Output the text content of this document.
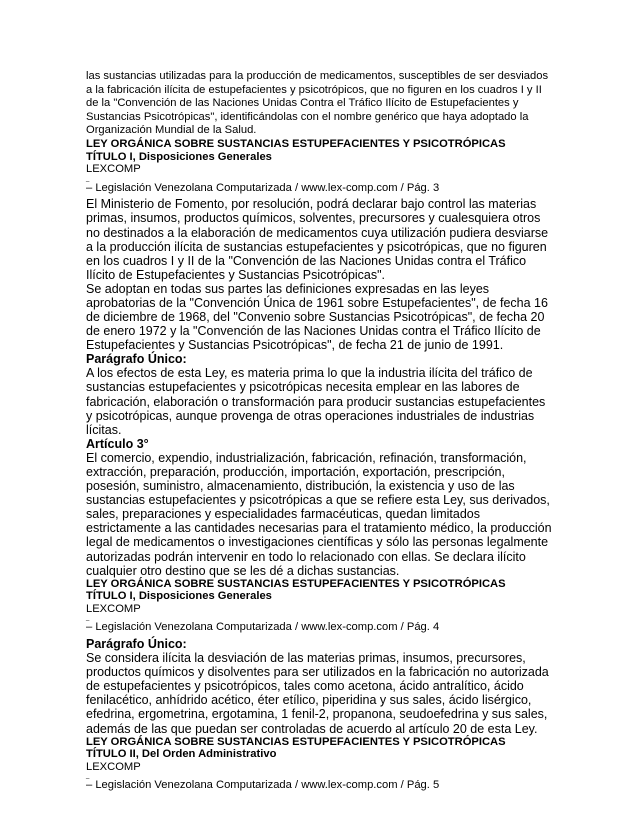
las sustancias utilizadas para la producción de medicamentos, susceptibles de ser desviados a la fabricación ilícita de estupefacientes y psicotrópicos, que no figuren en los cuadros I y II de la "Convención de las Naciones Unidas Contra el Tráfico Ilícito de Estupefacientes y Sustancias Psicotrópicas", identificándolas con el nombre genérico que haya adoptado la Organización Mundial de la Salud.

LEY ORGÁNICA SOBRE SUSTANCIAS ESTUPEFACIENTES Y PSICOTRÓPICAS

TÍTULO I, Disposiciones Generales

LEXCOMP

_

– Legislación Venezolana Computarizada / www.lex-comp.com / Pág. 3

El Ministerio de Fomento, por resolución, podrá declarar bajo control las materias primas, insumos, productos químicos, solventes, precursores y cualesquiera otros no destinados a la elaboración de medicamentos cuya utilización pudiera desviarse a la producción ilícita de sustancias estupefacientes y psicotrópicas, que no figuren en los cuadros I y II de la "Convención de las Naciones Unidas contra el Tráfico Ilícito de Estupefacientes y Sustancias Psicotrópicas".

Se adoptan en todas sus partes las definiciones expresadas en las leyes aprobatorias de la "Convención Única de 1961 sobre Estupefacientes", de fecha 16 de diciembre de 1968, del "Convenio sobre Sustancias Psicotrópicas", de fecha 20 de enero 1972 y la "Convención de las Naciones Unidas contra el Tráfico Ilícito de Estupefacientes y Sustancias Psicotrópicas", de fecha 21 de junio de 1991.

Parágrafo Único:

A los efectos de esta Ley, es materia prima lo que la industria ilícita del tráfico de sustancias estupefacientes y psicotrópicas necesita emplear en las labores de fabricación, elaboración o transformación para producir sustancias estupefacientes y psicotrópicas, aunque provenga de otras operaciones industriales de industrias lícitas.

Artículo 3°

El comercio, expendio, industrialización, fabricación, refinación, transformación, extracción, preparación, producción, importación, exportación, prescripción, posesión, suministro, almacenamiento, distribución, la existencia y uso de las sustancias estupefacientes y psicotrópicas a que se refiere esta Ley, sus derivados, sales, preparaciones y especialidades farmacéuticas, quedan limitados estrictamente a las cantidades necesarias para el tratamiento médico, la producción legal de medicamentos o investigaciones científicas y sólo las personas legalmente autorizadas podrán intervenir en todo lo relacionado con ellas. Se declara ilícito cualquier otro destino que se les dé a dichas sustancias.

LEY ORGÁNICA SOBRE SUSTANCIAS ESTUPEFACIENTES Y PSICOTRÓPICAS

TÍTULO I, Disposiciones Generales

LEXCOMP

_

– Legislación Venezolana Computarizada / www.lex-comp.com / Pág. 4

Parágrafo Único:

Se considera ilícita la desviación de las materias primas, insumos, precursores, productos químicos y disolventes para ser utilizados en la fabricación no autorizada de estupefacientes y psicotrópicos, tales como acetona, ácido antralítico, ácido fenilacético, anhídrido acético, éter etílico, piperidina y sus sales, ácido lisérgico, efedrina, ergometrina, ergotamina, 1 fenil-2, propanona, seudoefedrina y sus sales, además de las que puedan ser controladas de acuerdo al artículo 20 de esta Ley.

LEY ORGÁNICA SOBRE SUSTANCIAS ESTUPEFACIENTES Y PSICOTRÓPICAS

TÍTULO II, Del Orden Administrativo

LEXCOMP

_

– Legislación Venezolana Computarizada / www.lex-comp.com / Pág. 5
